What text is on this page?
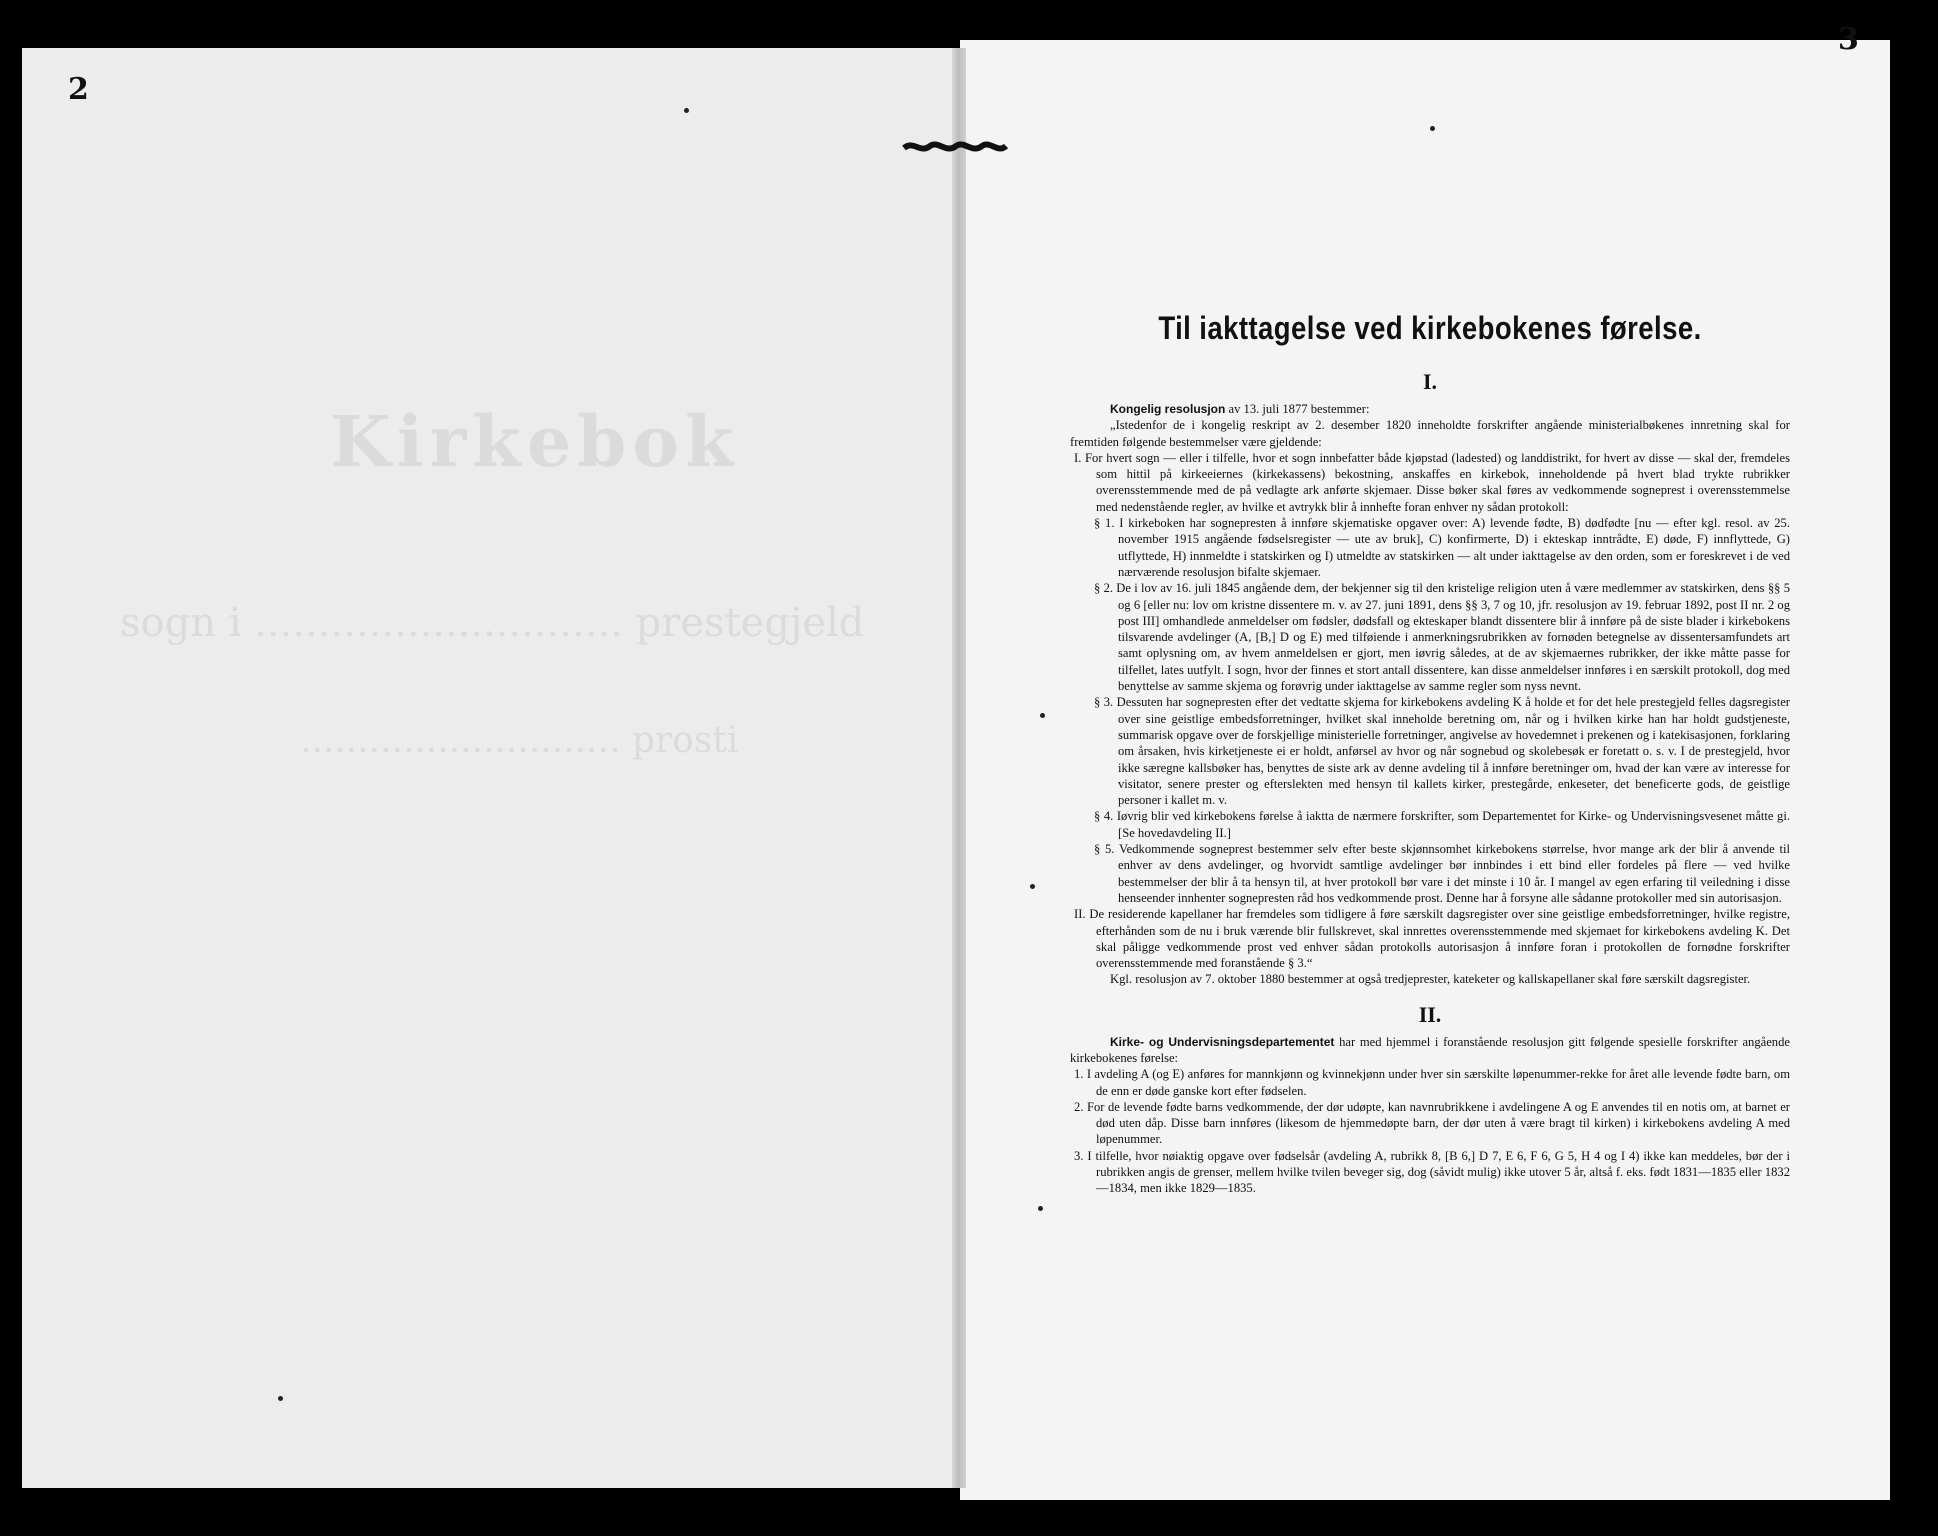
Kirkebok
sogn i ............................. prestegjeld
............................ prosti
2
3
Til iakttagelse ved kirkebokenes førelse.
I.

Kongelig resolusjon av 13. juli 1877 bestemmer:

„Istedenfor de i kongelig reskript av 2. desember 1820 inneholdte forskrifter angående ministerialbøkenes innretning skal for fremtiden følgende bestemmelser være gjeldende:

I. For hvert sogn — eller i tilfelle, hvor et sogn innbefatter både kjøpstad (ladested) og landdistrikt, for hvert av disse — skal der, fremdeles som hittil på kirkeeiernes (kirkekassens) bekostning, anskaffes en kirkebok, inneholdende på hvert blad trykte rubrikker overensstemmende med de på vedlagte ark anførte skjemaer. Disse bøker skal føres av vedkommende sogneprest i overensstemmelse med nedenstående regler, av hvilke et avtrykk blir å innhefte foran enhver ny sådan protokoll:

§ 1. I kirkeboken har sognepresten å innføre skjematiske opgaver over: A) levende fødte, B) dødfødte [nu — efter kgl. resol. av 25. november 1915 angående fødselsregister — ute av bruk], C) konfirmerte, D) i ekteskap inntrådte, E) døde, F) innflyttede, G) utflyttede, H) innmeldte i statskirken og I) utmeldte av statskirken — alt under iakttagelse av den orden, som er foreskrevet i de ved nærværende resolusjon bifalte skjemaer.

§ 2. De i lov av 16. juli 1845 angående dem, der bekjenner sig til den kristelige religion uten å være medlemmer av statskirken, dens §§ 5 og 6 [eller nu: lov om kristne dissentere m. v. av 27. juni 1891, dens §§ 3, 7 og 10, jfr. resolusjon av 19. februar 1892, post II nr. 2 og post III] omhandlede anmeldelser om fødsler, dødsfall og ekteskaper blandt dissentere blir å innføre på de siste blader i kirkebokens tilsvarende avdelinger (A, [B,] D og E) med tilføiende i anmerkningsrubrikken av fornøden betegnelse av dissentersamfundets art samt oplysning om, av hvem anmeldelsen er gjort, men iøvrig således, at de av skjemaernes rubrikker, der ikke måtte passe for tilfellet, lates uutfylt. I sogn, hvor der finnes et stort antall dissentere, kan disse anmeldelser innføres i en særskilt protokoll, dog med benyttelse av samme skjema og forøvrig under iakttagelse av samme regler som nyss nevnt.

§ 3. Dessuten har sognepresten efter det vedtatte skjema for kirkebokens avdeling K å holde et for det hele prestegjeld felles dagsregister over sine geistlige embedsforretninger, hvilket skal inneholde beretning om, når og i hvilken kirke han har holdt gudstjeneste, summarisk opgave over de forskjellige ministerielle forretninger, angivelse av hovedemnet i prekenen og i katekisasjonen, forklaring om årsaken, hvis kirketjeneste ei er holdt, anførsel av hvor og når sognebud og skolebesøk er foretatt o. s. v. I de prestegjeld, hvor ikke særegne kallsbøker has, benyttes de siste ark av denne avdeling til å innføre beretninger om, hvad der kan være av interesse for visitator, senere prester og efterslekten med hensyn til kallets kirker, prestegårde, enkeseter, det beneficerte gods, de geistlige personer i kallet m. v.

§ 4. Iøvrig blir ved kirkebokens førelse å iaktta de nærmere forskrifter, som Departementet for Kirke- og Undervisningsvesenet måtte gi. [Se hovedavdeling II.]

§ 5. Vedkommende sogneprest bestemmer selv efter beste skjønnsomhet kirkebokens størrelse, hvor mange ark der blir å anvende til enhver av dens avdelinger, og hvorvidt samtlige avdelinger bør innbindes i ett bind eller fordeles på flere — ved hvilke bestemmelser der blir å ta hensyn til, at hver protokoll bør vare i det minste i 10 år. I mangel av egen erfaring til veiledning i disse henseender innhenter sognepresten råd hos vedkommende prost. Denne har å forsyne alle sådanne protokoller med sin autorisasjon.

II. De residerende kapellaner har fremdeles som tidligere å føre særskilt dagsregister over sine geistlige embedsforretninger, hvilke registre, efterhånden som de nu i bruk værende blir fullskrevet, skal innrettes overensstemmende med skjemaet for kirkebokens avdeling K. Det skal påligge vedkommende prost ved enhver sådan protokolls autorisasjon å innføre foran i protokollen de fornødne forskrifter overensstemmende med foranstående § 3.“

Kgl. resolusjon av 7. oktober 1880 bestemmer at også tredjeprester, kateketer og kallskapellaner skal føre særskilt dagsregister.

II.

Kirke- og Undervisningsdepartementet har med hjemmel i foranstående resolusjon gitt følgende spesielle forskrifter angående kirkebokenes førelse:

1. I avdeling A (og E) anføres for mannkjønn og kvinnekjønn under hver sin særskilte løpenummer-rekke for året alle levende fødte barn, om de enn er døde ganske kort efter fødselen.

2. For de levende fødte barns vedkommende, der dør udøpte, kan navnrubrikkene i avdelingene A og E anvendes til en notis om, at barnet er død uten dåp. Disse barn innføres (likesom de hjemmedøpte barn, der dør uten å være bragt til kirken) i kirkebokens avdeling A med løpenummer.

3. I tilfelle, hvor nøiaktig opgave over fødselsår (avdeling A, rubrikk 8, [B 6,] D 7, E 6, F 6, G 5, H 4 og I 4) ikke kan meddeles, bør der i rubrikken angis de grenser, mellem hvilke tvilen beveger sig, dog (såvidt mulig) ikke utover 5 år, altså f. eks. født 1831—1835 eller 1832—1834, men ikke 1829—1835.
